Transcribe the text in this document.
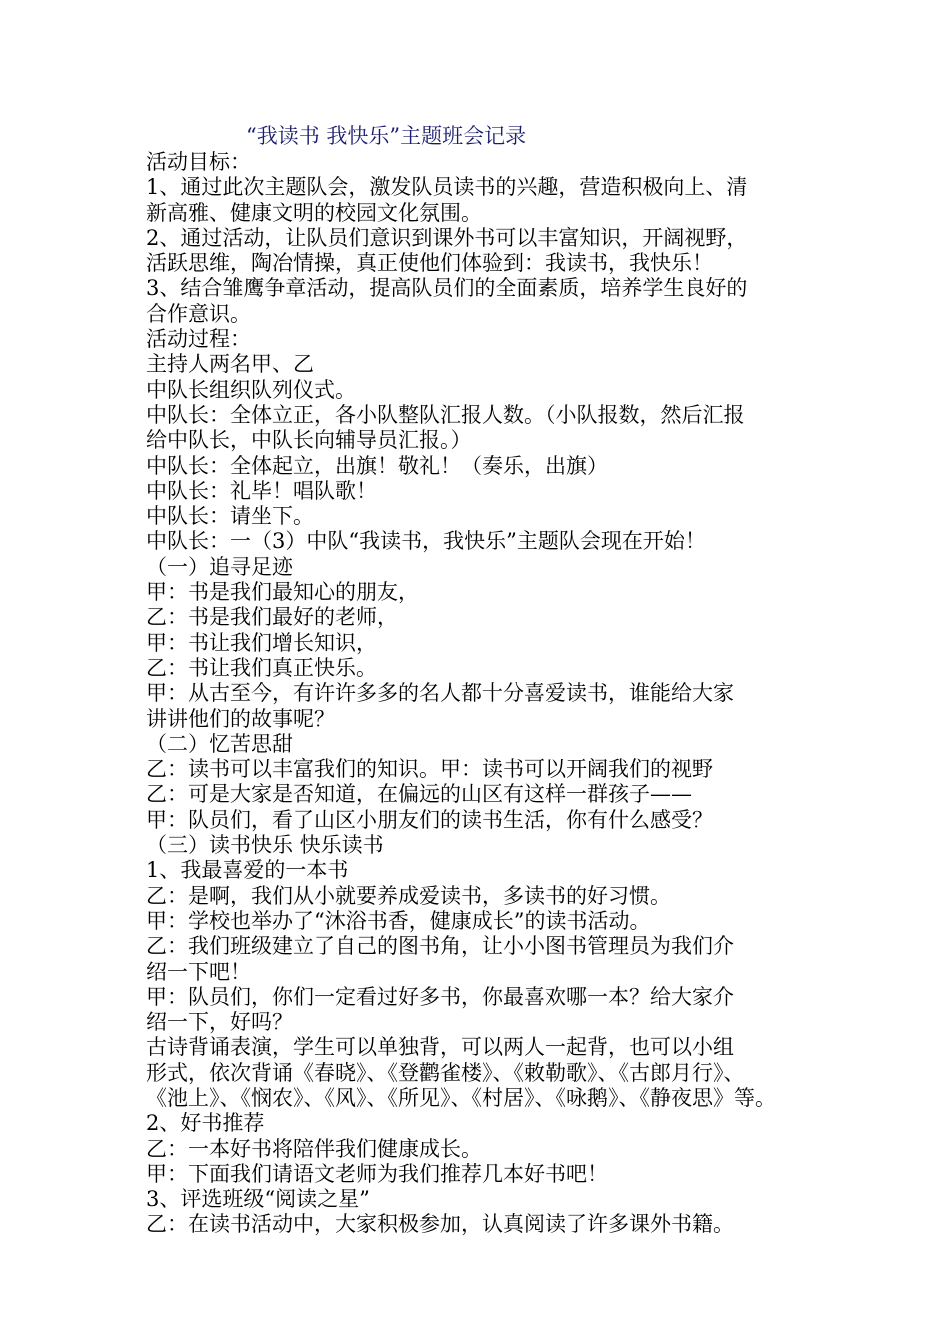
“我读书 我快乐”主题班会记录
活动目标：
1、通过此次主题队会，激发队员读书的兴趣，营造积极向上、清
新高雅、健康文明的校园文化氛围。
2、通过活动，让队员们意识到课外书可以丰富知识，开阔视野，
活跃思维，陶冶情操，真正使他们体验到：我读书，我快乐！
3、结合雏鹰争章活动，提高队员们的全面素质，培养学生良好的
合作意识。
活动过程：
主持人两名甲、乙
中队长组织队列仪式。
中队长：全体立正，各小队整队汇报人数。（小队报数，然后汇报
给中队长，中队长向辅导员汇报。）
中队长：全体起立，出旗！敬礼！（奏乐，出旗）
中队长：礼毕！唱队歌！
中队长：请坐下。
中队长：一（3）中队“我读书，我快乐”主题队会现在开始！
（一）追寻足迹
甲：书是我们最知心的朋友，
乙：书是我们最好的老师，
甲：书让我们增长知识，
乙：书让我们真正快乐。
甲：从古至今，有许许多多的名人都十分喜爱读书，谁能给大家
讲讲他们的故事呢？
（二）忆苦思甜
乙：读书可以丰富我们的知识。甲：读书可以开阔我们的视野
乙：可是大家是否知道，在偏远的山区有这样一群孩子——
甲：队员们，看了山区小朋友们的读书生活，你有什么感受？
（三）读书快乐 快乐读书
1、我最喜爱的一本书
乙：是啊，我们从小就要养成爱读书，多读书的好习惯。
甲：学校也举办了“沐浴书香，健康成长”的读书活动。
乙：我们班级建立了自己的图书角，让小小图书管理员为我们介
绍一下吧！
甲：队员们，你们一定看过好多书，你最喜欢哪一本？给大家介
绍一下，好吗？
古诗背诵表演，学生可以单独背，可以两人一起背，也可以小组
形式，依次背诵《春晓》、《登鹳雀楼》、《敕勒歌》、《古郎月行》、
《池上》、《悯农》、《风》、《所见》、《村居》、《咏鹅》、《静夜思》等。
2、好书推荐
乙：一本好书将陪伴我们健康成长。
甲：下面我们请语文老师为我们推荐几本好书吧！
3、评选班级“阅读之星”
乙：在读书活动中，大家积极参加，认真阅读了许多课外书籍。
